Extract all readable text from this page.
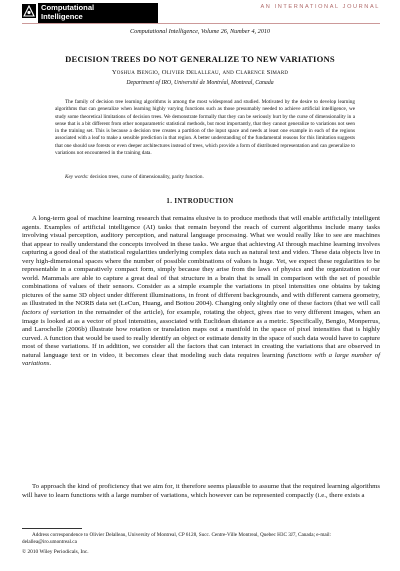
Computational
Intelligence
AN INTERNATIONAL JOURNAL
Computational Intelligence, Volume 26, Number 4, 2010
DECISION TREES DO NOT GENERALIZE TO NEW VARIATIONS
Yoshua Bengio, Olivier Delalleau, and Clarence Simard
Department of IRO, Université de Montréal, Montreal, Canada

The family of decision tree learning algorithms is among the most widespread and studied. Motivated by the desire to develop learning algorithms that can generalize when learning highly varying functions such as those presumably needed to achieve artificial intelligence, we study some theoretical limitations of decision trees. We demonstrate formally that they can be seriously hurt by the curse of dimensionality in a sense that is a bit different from other nonparametric statistical methods, but most importantly, that they cannot generalize to variations not seen in the training set. This is because a decision tree creates a partition of the input space and needs at least one example in each of the regions associated with a leaf to make a sensible prediction in that region. A better understanding of the fundamental reasons for this limitation suggests that one should use forests or even deeper architectures instead of trees, which provide a form of distributed representation and can generalize to variations not encountered in the training data.

Key words: decision trees, curse of dimensionality, parity function.

1. INTRODUCTION

A long-term goal of machine learning research that remains elusive is to produce methods that will enable artificially intelligent agents. Examples of artificial intelligence (AI) tasks that remain beyond the reach of current algorithms include many tasks involving visual perception, auditory perception, and natural language processing. What we would really like to see are machines that appear to really understand the concepts involved in these tasks. We argue that achieving AI through machine learning involves capturing a good deal of the statistical regularities underlying complex data such as natural text and video. These data objects live in very high-dimensional spaces where the number of possible combinations of values is huge. Yet, we expect these regularities to be representable in a comparatively compact form, simply because they arise from the laws of physics and the organization of our world. Mammals are able to capture a great deal of that structure in a brain that is small in comparison with the set of possible combinations of values of their sensors. Consider as a simple example the variations in pixel intensities one obtains by taking pictures of the same 3D object under different illuminations, in front of different backgrounds, and with different camera geometry, as illustrated in the NORB data set (LeCun, Huang, and Bottou 2004). Changing only slightly one of these factors (that we will call factors of variation in the remainder of the article), for example, rotating the object, gives rise to very different images, when an image is looked at as a vector of pixel intensities, associated with Euclidean distance as a metric. Specifically, Bengio, Monperrus, and Larochelle (2006b) illustrate how rotation or translation maps out a manifold in the space of pixel intensities that is highly curved. A function that would be used to really identify an object or estimate density in the space of such data would have to capture most of these variations. If in addition, we consider all the factors that can interact in creating the variations that are observed in natural language text or in video, it becomes clear that modeling such data requires learning functions with a large number of variations.

To approach the kind of proficiency that we aim for, it therefore seems plausible to assume that the required learning algorithms will have to learn functions with a large number of variations, which however can be represented compactly (i.e., there exists a

Address correspondence to Olivier Delalleau, University of Montreal, CP 6128, Succ. Centre-Ville Montreal, Quebec H3C 3J7, Canada; e-mail: delallea@iro.umontreal.ca

© 2010 Wiley Periodicals, Inc.
